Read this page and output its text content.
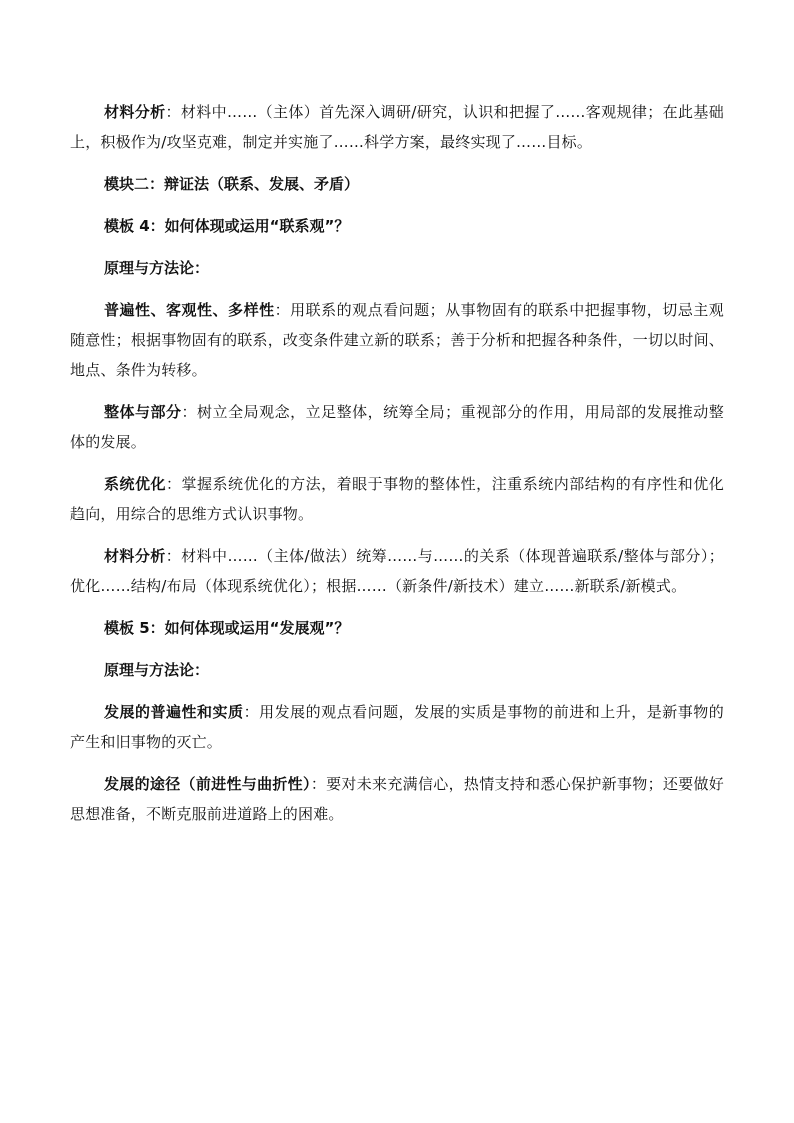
材料分析：材料中……（主体）首先深入调研/研究，认识和把握了……客观规律；在此基础上，积极作为/攻坚克难，制定并实施了……科学方案，最终实现了……目标。

模块二：辩证法（联系、发展、矛盾）

模板 4：如何体现或运用“联系观”？

原理与方法论：

普遍性、客观性、多样性：用联系的观点看问题；从事物固有的联系中把握事物，切忌主观随意性；根据事物固有的联系，改变条件建立新的联系；善于分析和把握各种条件，一切以时间、地点、条件为转移。

整体与部分：树立全局观念，立足整体，统筹全局；重视部分的作用，用局部的发展推动整体的发展。

系统优化：掌握系统优化的方法，着眼于事物的整体性，注重系统内部结构的有序性和优化趋向，用综合的思维方式认识事物。

材料分析：材料中……（主体/做法）统筹……与……的关系（体现普遍联系/整体与部分）；优化……结构/布局（体现系统优化）；根据……（新条件/新技术）建立……新联系/新模式。

模板 5：如何体现或运用“发展观”？

原理与方法论：

发展的普遍性和实质：用发展的观点看问题，发展的实质是事物的前进和上升，是新事物的产生和旧事物的灭亡。

发展的途径（前进性与曲折性）：要对未来充满信心，热情支持和悉心保护新事物；还要做好思想准备，不断克服前进道路上的困难。
